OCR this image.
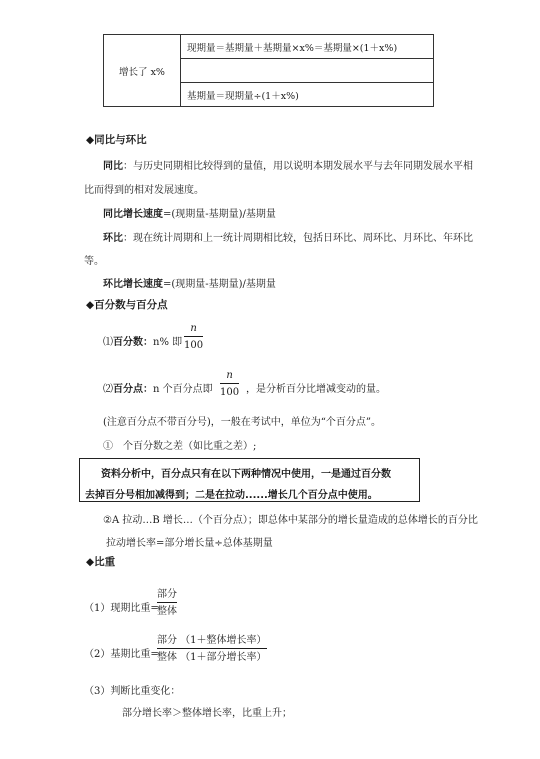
增长了 x%	现期量＝基期量＋基期量×x%＝基期量×(1＋x%)

基期量＝现期量÷(1＋x%)
◆同比与环比
同比：与历史同期相比较得到的量值，用以说明本期发展水平与去年同期发展水平相
比而得到的相对发展速度。
同比增长速度=(现期量-基期量)/基期量
环比：现在统计周期和上一统计周期相比较，包括日环比、周环比、月环比、年环比
等。
环比增长速度=(现期量-基期量)/基期量
◆百分数与百分点
⑴百分数：n% 即
n
100
⑵百分点：n 个百分点即
n
100 ，是分析百分比增减变动的量。
(注意百分点不带百分号)，一般在考试中，单位为“个百分点”。
①　个百分数之差（如比重之差）;
资料分析中，百分点只有在以下两种情况中使用，一是通过百分数
去掉百分号相加减得到；二是在拉动......增长几个百分点中使用。
②A 拉动…B 增长…（个百分点）；即总体中某部分的增长量造成的总体增长的百分比
拉动增长率=部分增长量÷总体基期量
◆比重
（1）现期比重=
部分
整体
（2）基期比重=
部分 （1＋整体增长率）
整体 （1＋部分增长率）
（3）判断比重变化：
部分增长率＞整体增长率，比重上升；
